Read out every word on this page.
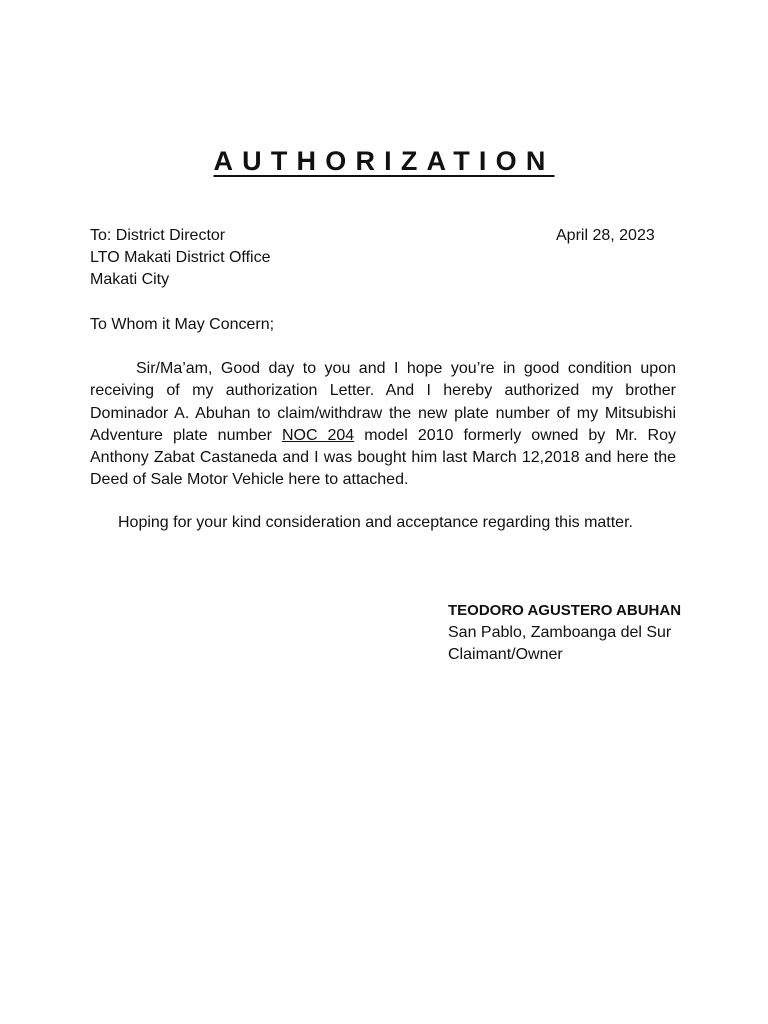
AUTHORIZATION
To: District Director
LTO Makati District Office
Makati City
April 28, 2023
To Whom it May Concern;
Sir/Ma’am, Good day to you and I hope you’re in good condition upon receiving of my authorization Letter. And I hereby authorized my brother Dominador A. Abuhan to claim/withdraw the new plate number of my Mitsubishi Adventure plate number NOC 204 model 2010 formerly owned by Mr. Roy Anthony Zabat Castaneda and I was bought him last March 12,2018 and here the Deed of Sale Motor Vehicle here to attached.
Hoping for your kind consideration and acceptance regarding this matter.
TEODORO AGUSTERO ABUHAN
San Pablo, Zamboanga del Sur
Claimant/Owner
